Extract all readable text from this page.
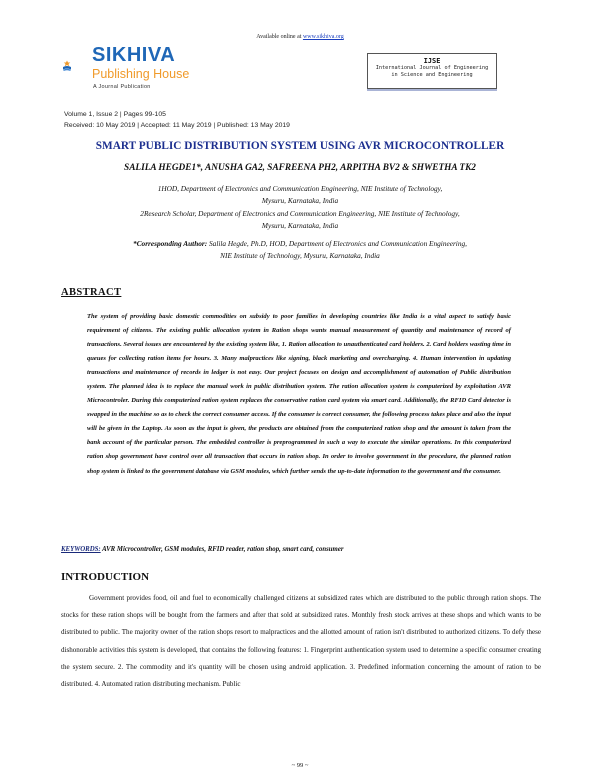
Available online at www.sikhiva.org
SIKHIVA
Publishing House
A Journal Publication
IJSE
International Journal of Engineering
in Science and Engineering
Volume 1, Issue 2 | Pages 99-105
Received: 10 May 2019 | Accepted: 11 May 2019 | Published: 13 May 2019
SMART PUBLIC DISTRIBUTION SYSTEM USING AVR MICROCONTROLLER
SALILA HEGDE1*, ANUSHA GA2, SAFREENA PH2, ARPITHA BV2 & SHWETHA TK2
1HOD, Department of Electronics and Communication Engineering, NIE Institute of Technology,
Mysuru, Karnataka, India
2Research Scholar, Department of Electronics and Communication Engineering, NIE Institute of Technology,
Mysuru, Karnataka, India
*Corresponding Author: Salila Hegde, Ph.D, HOD, Department of Electronics and Communication Engineering,
NIE Institute of Technology, Mysuru, Karnataka, India
ABSTRACT
The system of providing basic domestic commodities on subsidy to poor families in developing countries like India is a vital aspect to satisfy basic requirement of citizens. The existing public allocation system in Ration shops wants manual measurement of quantity and maintenance of record of transactions. Several issues are encountered by the existing system like, 1. Ration allocation to unauthenticated card holders. 2. Card holders wasting time in queues for collecting ration items for hours. 3. Many malpractices like signing, black marketing and overcharging. 4. Human intervention in updating transactions and maintenance of records in ledger is not easy. Our project focuses on design and accomplishment of automation of Public distribution system. The planned idea is to replace the manual work in public distribution system. The ration allocation system is computerized by exploitation AVR Microcontroler. During this computerized ration system replaces the conservative ration card system via smart card. Additionally, the RFID Card detector is swapped in the machine so as to check the correct consumer access. If the consumer is correct consumer, the following process takes place and also the input will be given in the Laptop. As soon as the input is given, the products are obtained from the computerized ration shop and the amount is taken from the bank account of the particular person. The embedded controller is preprogrammed in such a way to execute the similar operations. In this computerized ration shop government have control over all transaction that occurs in ration shop. In order to involve government in the procedure, the planned ration shop system is linked to the government database via GSM modules, which further sends the up-to-date information to the government and the consumer.
KEYWORDS: AVR Microcontroller, GSM modules, RFID reader, ration shop, smart card, consumer
INTRODUCTION

Government provides food, oil and fuel to economically challenged citizens at subsidized rates which are distributed to the public through ration shops. The stocks for these ration shops will be bought from the farmers and after that sold at subsidized rates. Monthly fresh stock arrives at these shops and which wants to be distributed to public. The majority owner of the ration shops resort to malpractices and the allotted amount of ration isn't distributed to authorized citizens. To defy these dishonorable activities this system is developed, that contains the following features: 1. Fingerprint authentication system used to determine a specific consumer creating the system secure. 2. The commodity and it's quantity will be chosen using android application. 3. Predefined information concerning the amount of ration to be distributed. 4. Automated ration distributing mechanism. Public

~ 99 ~
